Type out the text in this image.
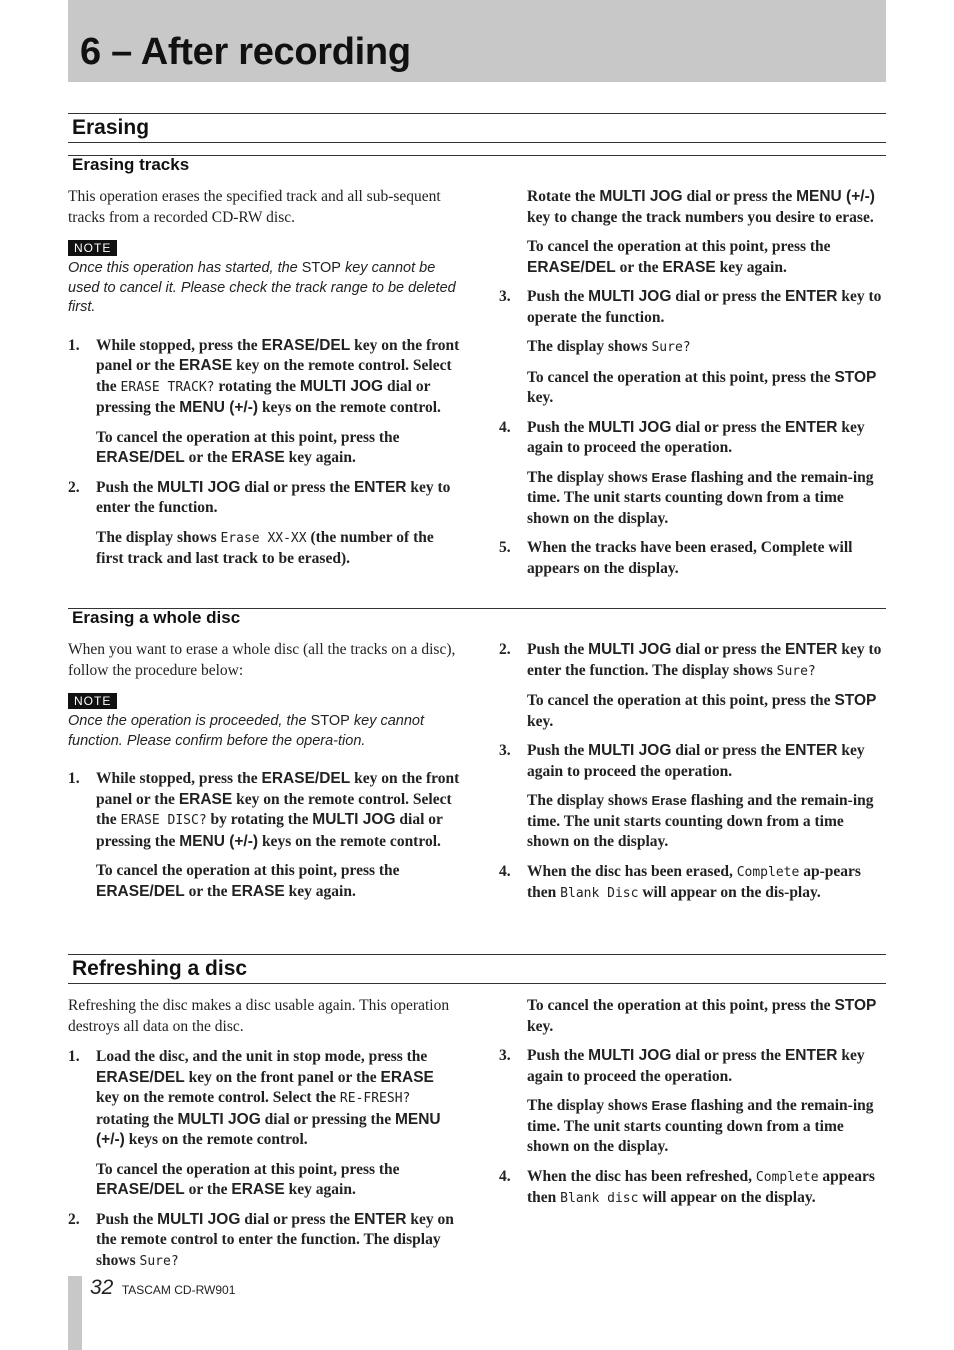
6 – After recording
Erasing
Erasing tracks

This operation erases the specified track and all sub-sequent tracks from a recorded CD-RW disc.

NOTE

Once this operation has started, the STOP key cannot be used to cancel it. Please check the track range to be deleted first.

1.	While stopped, press the ERASE/DEL key on the front panel or the ERASE key on the remote control. Select the ERASE TRACK? rotating the MULTI JOG dial or pressing the MENU (+/-) keys on the remote control.

To cancel the operation at this point, press the ERASE/DEL or the ERASE key again.

2.	Push the MULTI JOG dial or press the ENTER key to enter the function.

The display shows Erase XX-XX (the number of the first track and last track to be erased).

Rotate the MULTI JOG dial or press the MENU (+/-) key to change the track numbers you desire to erase.

To cancel the operation at this point, press the ERASE/DEL or the ERASE key again.

3.	Push the MULTI JOG dial or press the ENTER key to operate the function.

The display shows Sure?

To cancel the operation at this point, press the STOP key.

4.	Push the MULTI JOG dial or press the ENTER key again to proceed the operation.

The display shows Erase flashing and the remain-ing time. The unit starts counting down from a time shown on the display.

5.	When the tracks have been erased, Complete will appears on the display.
Erasing a whole disc

When you want to erase a whole disc (all the tracks on a disc), follow the procedure below:

NOTE

Once the operation is proceeded, the STOP key cannot function. Please confirm before the opera-tion.

1.	While stopped, press the ERASE/DEL key on the front panel or the ERASE key on the remote control. Select the ERASE DISC? by rotating the MULTI JOG dial or pressing the MENU (+/-) keys on the remote control.

To cancel the operation at this point, press the ERASE/DEL or the ERASE key again.

2.	Push the MULTI JOG dial or press the ENTER key to enter the function. The display shows Sure?

To cancel the operation at this point, press the STOP key.

3.	Push the MULTI JOG dial or press the ENTER key again to proceed the operation.

The display shows Erase flashing and the remain-ing time. The unit starts counting down from a time shown on the display.

4.	When the disc has been erased, Complete ap-pears then Blank Disc will appear on the dis-play.
Refreshing a disc

Refreshing the disc makes a disc usable again. This operation destroys all data on the disc.

1.	Load the disc, and the unit in stop mode, press the ERASE/DEL key on the front panel or the ERASE key on the remote control. Select the RE-FRESH? rotating the MULTI JOG dial or pressing the MENU (+/-) keys on the remote control.

To cancel the operation at this point, press the ERASE/DEL or the ERASE key again.

2.	Push the MULTI JOG dial or press the ENTER key on the remote control to enter the function. The display shows Sure?

To cancel the operation at this point, press the STOP key.

3.	Push the MULTI JOG dial or press the ENTER key again to proceed the operation.

The display shows Erase flashing and the remain-ing time. The unit starts counting down from a time shown on the display.

4.	When the disc has been refreshed, Complete appears then Blank disc will appear on the display.
32 TASCAM CD-RW901
